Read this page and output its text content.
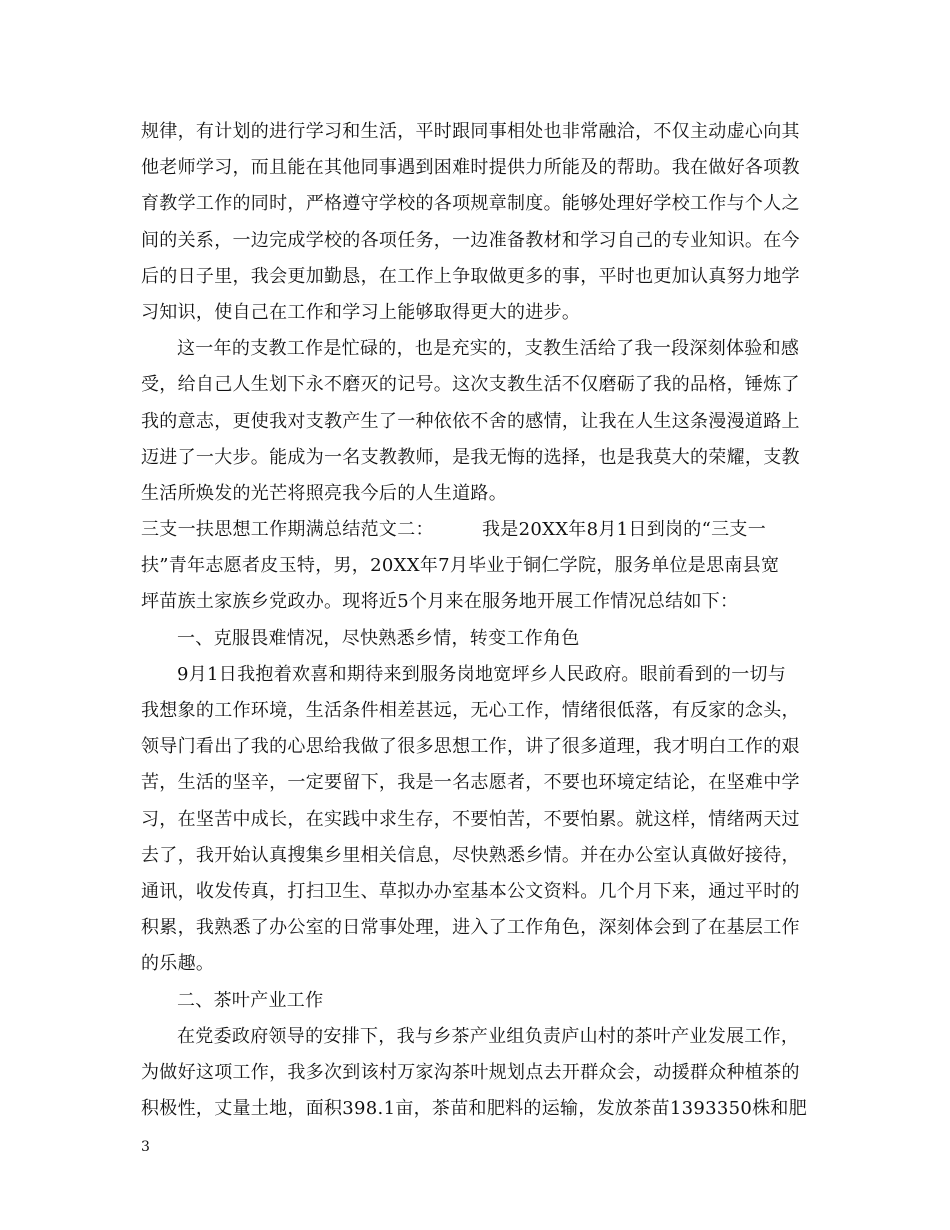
规律，有计划的进行学习和生活，平时跟同事相处也非常融洽，不仅主动虚心向其
他老师学习，而且能在其他同事遇到困难时提供力所能及的帮助。我在做好各项教
育教学工作的同时，严格遵守学校的各项规章制度。能够处理好学校工作与个人之
间的关系，一边完成学校的各项任务，一边准备教材和学习自己的专业知识。在今
后的日子里，我会更加勤恳，在工作上争取做更多的事，平时也更加认真努力地学
习知识，使自己在工作和学习上能够取得更大的进步。
这一年的支教工作是忙碌的，也是充实的，支教生活给了我一段深刻体验和感
受，给自己人生划下永不磨灭的记号。这次支教生活不仅磨砺了我的品格，锤炼了
我的意志，更使我对支教产生了一种依依不舍的感情，让我在人生这条漫漫道路上
迈进了一大步。能成为一名支教教师，是我无悔的选择，也是我莫大的荣耀，支教
生活所焕发的光芒将照亮我今后的人生道路。
三支一扶思想工作期满总结范文二：        我是20XX年8月1日到岗的“三支一
扶”青年志愿者皮玉特，男，20XX年7月毕业于铜仁学院，服务单位是思南县宽
坪苗族土家族乡党政办。现将近5个月来在服务地开展工作情况总结如下：
一、克服畏难情况，尽快熟悉乡情，转变工作角色
9月1日我抱着欢喜和期待来到服务岗地宽坪乡人民政府。眼前看到的一切与
我想象的工作环境，生活条件相差甚远，无心工作，情绪很低落，有反家的念头，
领导门看出了我的心思给我做了很多思想工作，讲了很多道理，我才明白工作的艰
苦，生活的坚辛，一定要留下，我是一名志愿者，不要也环境定结论，在坚难中学
习，在坚苦中成长，在实践中求生存，不要怕苦，不要怕累。就这样，情绪两天过
去了，我开始认真搜集乡里相关信息，尽快熟悉乡情。并在办公室认真做好接待，
通讯，收发传真，打扫卫生、草拟办办室基本公文资料。几个月下来，通过平时的
积累，我熟悉了办公室的日常事处理，进入了工作角色，深刻体会到了在基层工作
的乐趣。
二、茶叶产业工作
在党委政府领导的安排下，我与乡茶产业组负责庐山村的茶叶产业发展工作，
为做好这项工作，我多次到该村万家沟茶叶规划点去开群众会，动援群众种植茶的
积极性，丈量土地，面积398.1亩，茶苗和肥料的运输，发放茶苗1393350株和肥
3
